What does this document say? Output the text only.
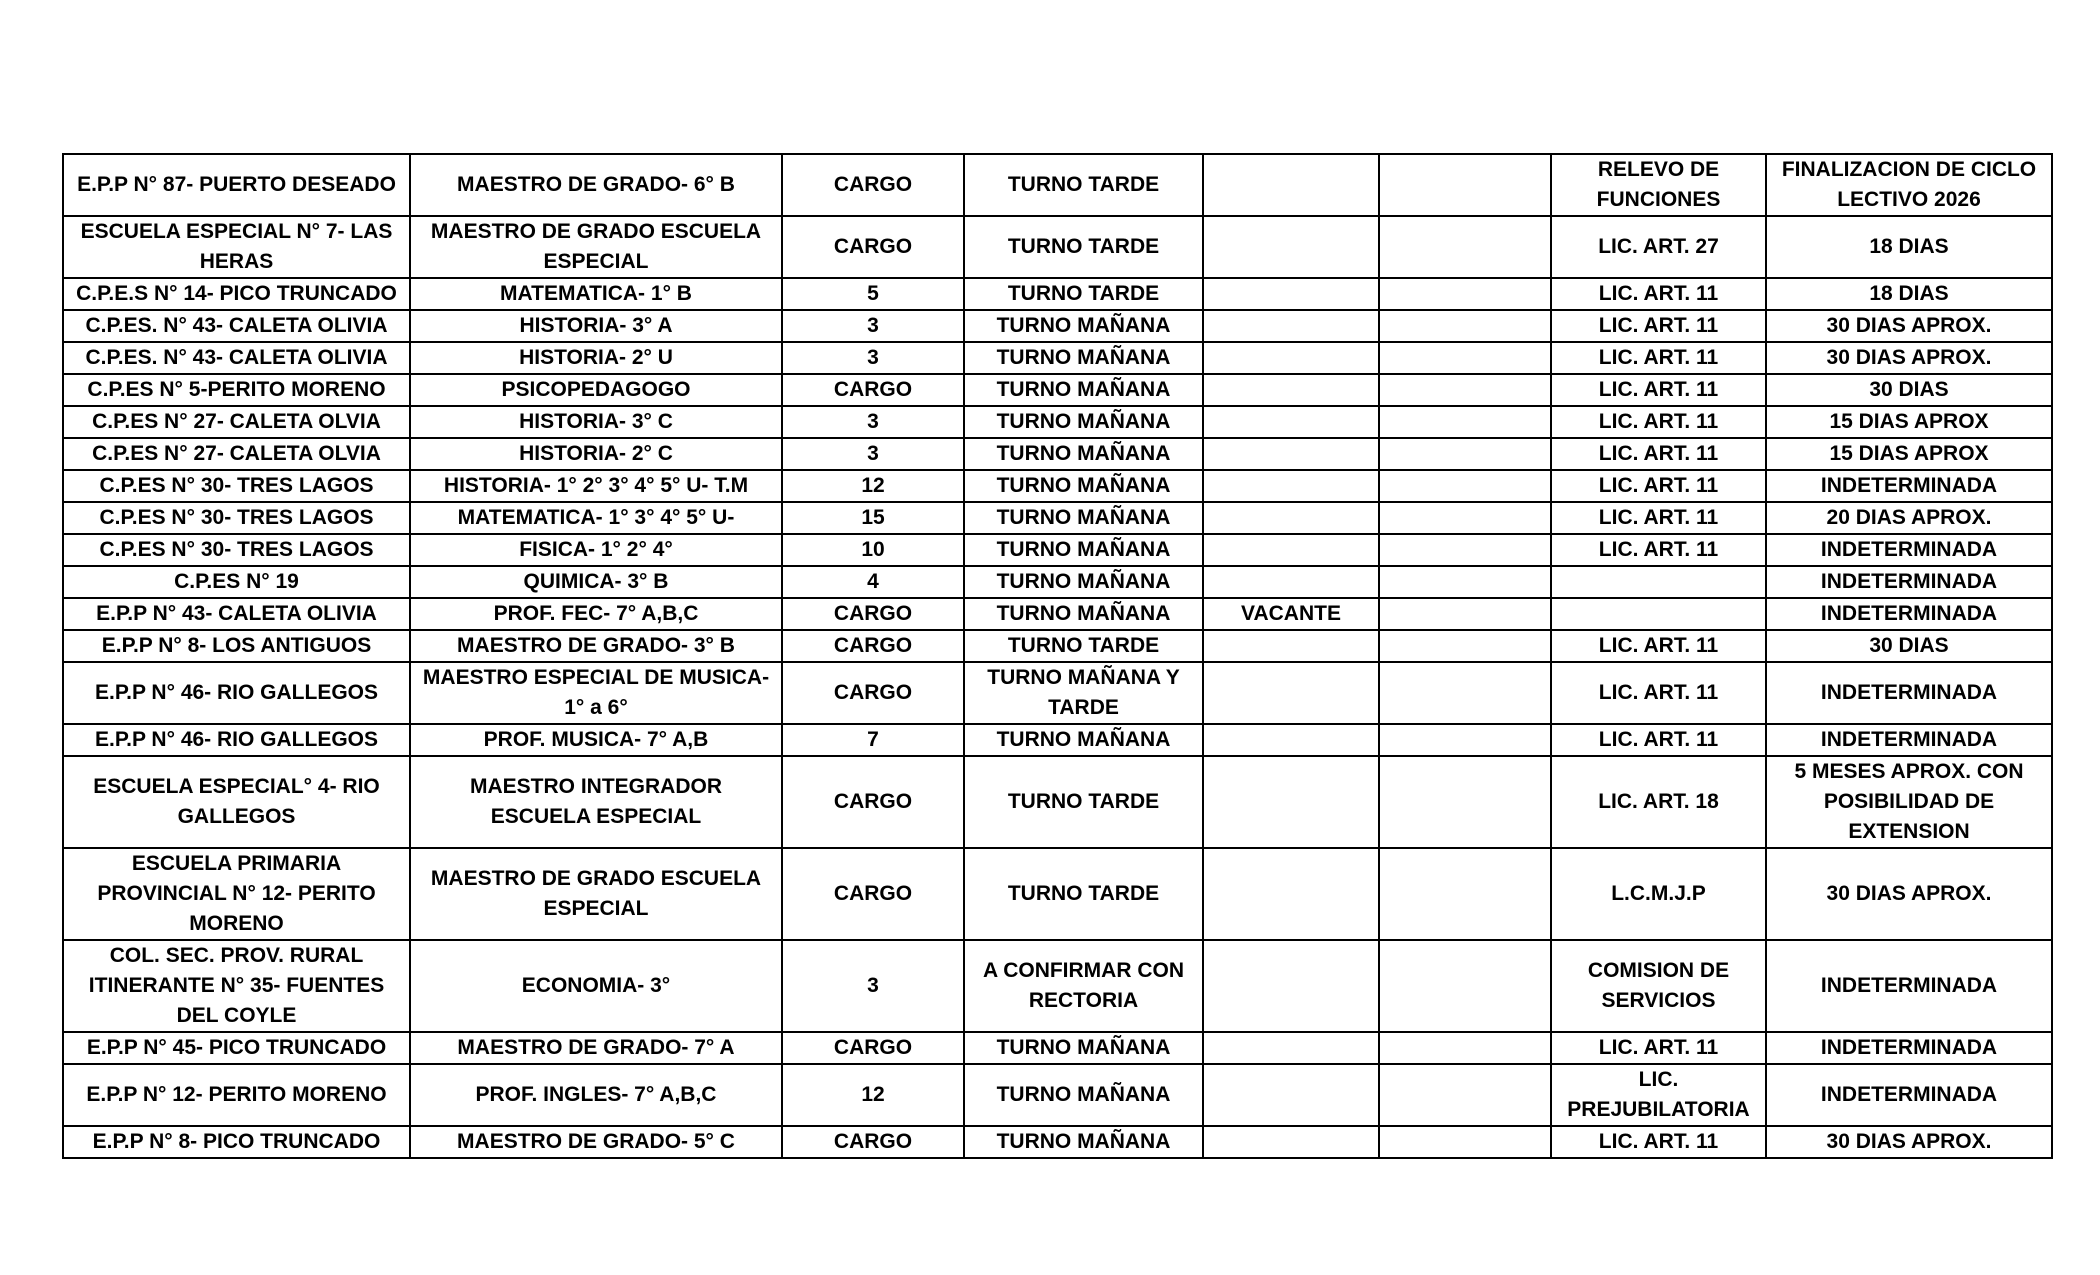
E.P.P N° 87- PUERTO DESEADO	MAESTRO DE GRADO- 6° B	CARGO	TURNO TARDE			RELEVO DE FUNCIONES	FINALIZACION DE CICLO LECTIVO 2026
ESCUELA ESPECIAL N° 7- LAS HERAS	MAESTRO DE GRADO ESCUELA ESPECIAL	CARGO	TURNO TARDE			LIC. ART. 27	18 DIAS
C.P.E.S N° 14- PICO TRUNCADO	MATEMATICA- 1° B	5	TURNO TARDE			LIC. ART. 11	18 DIAS
C.P.ES. N° 43- CALETA OLIVIA	HISTORIA- 3° A	3	TURNO MAÑANA			LIC. ART. 11	30 DIAS APROX.
C.P.ES. N° 43- CALETA OLIVIA	HISTORIA- 2° U	3	TURNO MAÑANA			LIC. ART. 11	30 DIAS APROX.
C.P.ES N° 5-PERITO MORENO	PSICOPEDAGOGO	CARGO	TURNO MAÑANA			LIC. ART. 11	30 DIAS
C.P.ES N° 27- CALETA OLVIA	HISTORIA- 3° C	3	TURNO MAÑANA			LIC. ART. 11	15 DIAS APROX
C.P.ES N° 27- CALETA OLVIA	HISTORIA- 2° C	3	TURNO MAÑANA			LIC. ART. 11	15 DIAS APROX
C.P.ES N° 30- TRES LAGOS	HISTORIA- 1° 2° 3° 4° 5° U- T.M	12	TURNO MAÑANA			LIC. ART. 11	INDETERMINADA
C.P.ES N° 30- TRES LAGOS	MATEMATICA- 1° 3° 4° 5° U-	15	TURNO MAÑANA			LIC. ART. 11	20 DIAS APROX.
C.P.ES N° 30- TRES LAGOS	FISICA- 1° 2° 4°	10	TURNO MAÑANA			LIC. ART. 11	INDETERMINADA
C.P.ES N° 19	QUIMICA- 3° B	4	TURNO MAÑANA				INDETERMINADA
E.P.P N° 43- CALETA OLIVIA	PROF. FEC- 7° A,B,C	CARGO	TURNO MAÑANA	VACANTE			INDETERMINADA
E.P.P N° 8- LOS ANTIGUOS	MAESTRO DE GRADO- 3° B	CARGO	TURNO TARDE			LIC. ART. 11	30 DIAS
E.P.P N° 46- RIO GALLEGOS	MAESTRO ESPECIAL DE MUSICA- 1° a 6°	CARGO	TURNO MAÑANA Y TARDE			LIC. ART. 11	INDETERMINADA
E.P.P N° 46- RIO GALLEGOS	PROF. MUSICA- 7° A,B	7	TURNO MAÑANA			LIC. ART. 11	INDETERMINADA
ESCUELA ESPECIAL° 4- RIO GALLEGOS	MAESTRO INTEGRADOR ESCUELA ESPECIAL	CARGO	TURNO TARDE			LIC. ART. 18	5 MESES APROX. CON POSIBILIDAD DE EXTENSION
ESCUELA PRIMARIA PROVINCIAL N° 12- PERITO MORENO	MAESTRO DE GRADO ESCUELA ESPECIAL	CARGO	TURNO TARDE			L.C.M.J.P	30 DIAS APROX.
COL. SEC. PROV. RURAL ITINERANTE N° 35- FUENTES DEL COYLE	ECONOMIA- 3°	3	A CONFIRMAR CON RECTORIA			COMISION DE SERVICIOS	INDETERMINADA
E.P.P N° 45- PICO TRUNCADO	MAESTRO DE GRADO- 7° A	CARGO	TURNO MAÑANA			LIC. ART. 11	INDETERMINADA
E.P.P N° 12- PERITO MORENO	PROF. INGLES- 7° A,B,C	12	TURNO MAÑANA			LIC. PREJUBILATORIA	INDETERMINADA
E.P.P N° 8- PICO TRUNCADO	MAESTRO DE GRADO- 5° C	CARGO	TURNO MAÑANA			LIC. ART. 11	30 DIAS APROX.
